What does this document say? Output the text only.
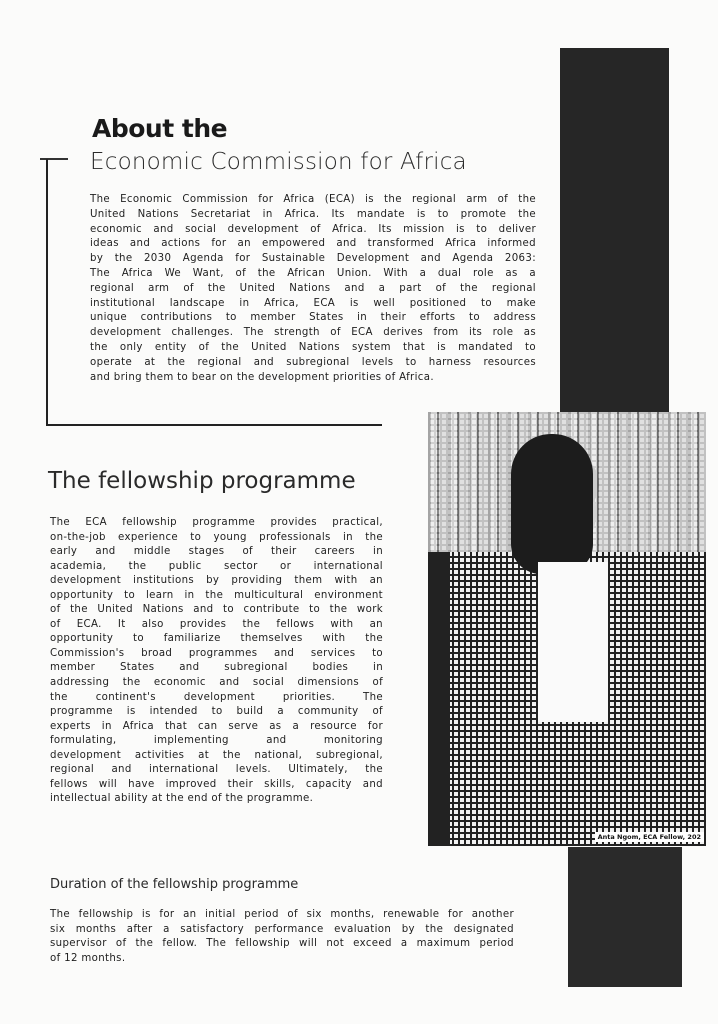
About the
Economic Commission for Africa
The Economic Commission for Africa (ECA) is the regional arm of the
United Nations Secretariat in Africa. Its mandate is to promote the
economic and social development of Africa. Its mission is to deliver
ideas and actions for an empowered and transformed Africa informed
by the 2030 Agenda for Sustainable Development and Agenda 2063:
The Africa We Want, of the African Union. With a dual role as a
regional arm of the United Nations and a part of the regional
institutional landscape in Africa, ECA is well positioned to make
unique contributions to member States in their efforts to address
development challenges. The strength of ECA derives from its role as
the only entity of the United Nations system that is mandated to
operate at the regional and subregional levels to harness resources
and bring them to bear on the development priorities of Africa.
The fellowship programme
The ECA fellowship programme provides practical,
on-the-job experience to young professionals in the
early and middle stages of their careers in
academia, the public sector or international
development institutions by providing them with an
opportunity to learn in the multicultural environment
of the United Nations and to contribute to the work
of ECA. It also provides the fellows with an
opportunity to familiarize themselves with the
Commission's broad programmes and services to
member States and subregional bodies in
addressing the economic and social dimensions of
the continent's development priorities. The
programme is intended to build a community of
experts in Africa that can serve as a resource for
formulating, implementing and monitoring
development activities at the national, subregional,
regional and international levels. Ultimately, the
fellows will have improved their skills, capacity and
intellectual ability at the end of the programme.
Anta Ngom, ECA Fellow, 202
Duration of the fellowship programme
The fellowship is for an initial period of six months, renewable for another
six months after a satisfactory performance evaluation by the designated
supervisor of the fellow. The fellowship will not exceed a maximum period
of 12 months.
